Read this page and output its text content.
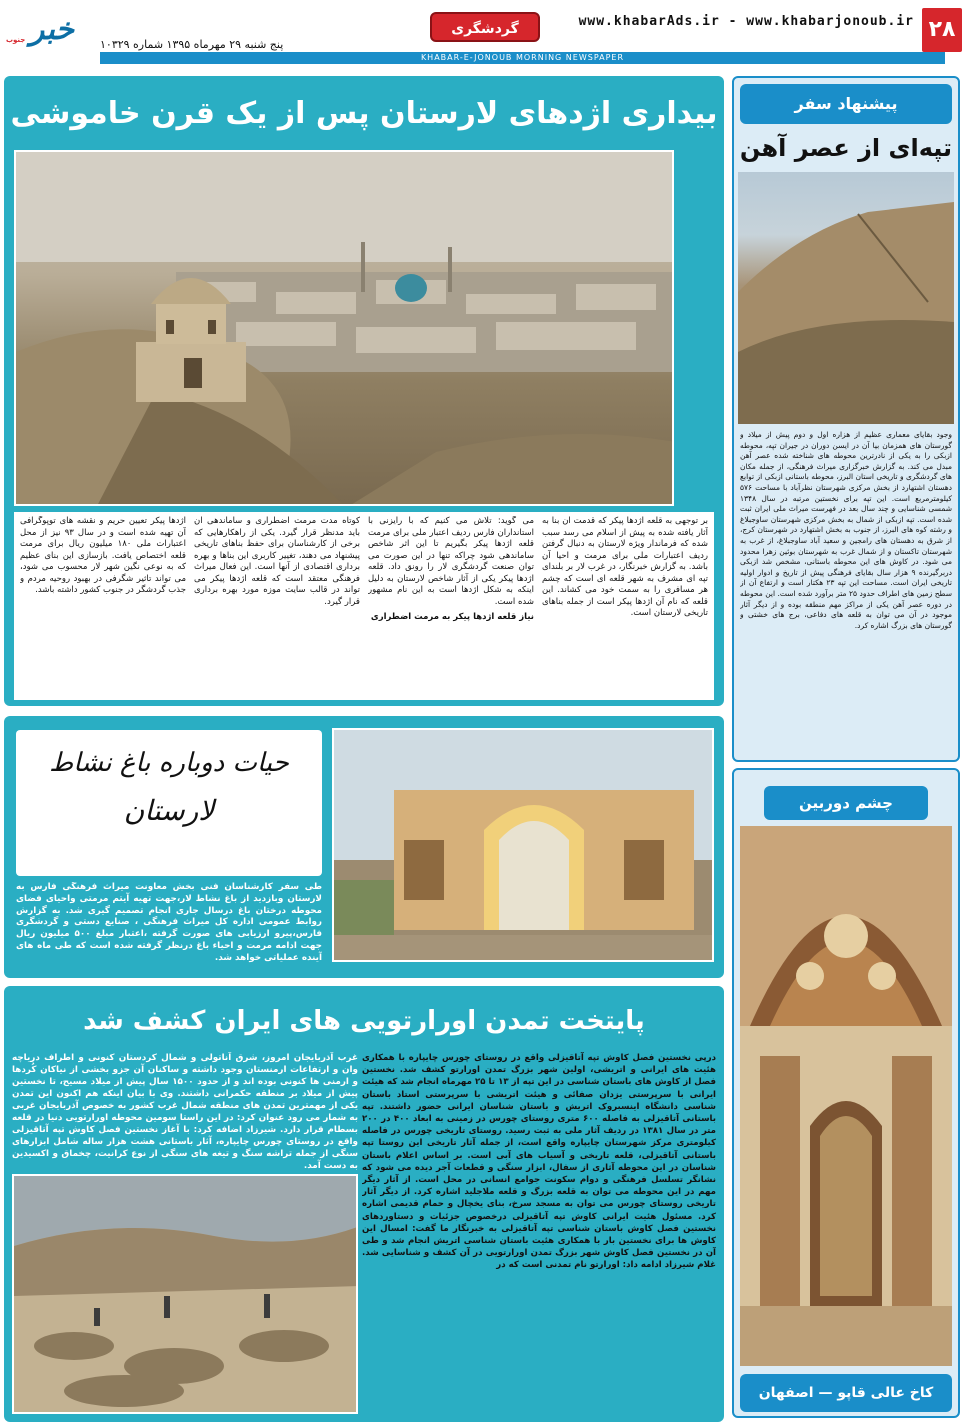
۲۸
www.khabarAds.ir - www.khabarjonoub.ir
پنج شنبه ۲۹ مهرماه ۱۳۹۵ شماره ۱۰۳۲۹
گردشگری
خبر
جنوب
KHABAR-E-JONOUB MORNING NEWSPAPER
بیداری اژدهای لارستان پس از یک قرن خاموشی
بر توجهی به قلعه اژدها پیکر که قدمت آن بنا به آثار یافته شده به پیش از اسلام می رسد سبب شده که فرماندار ویژه لارستان به دنبال گرفتن ردیف اعتبارات ملی برای مرمت و احیا آن باشد. به گزارش خبرنگار، در غرب لار بر بلندای تپه ای مشرف به شهر قلعه ای است که چشم هر مسافری را به سمت خود می کشاند. این قلعه که نام آن اژدها پیکر است از جمله بناهای تاریخی لارستان است.
می گوید: تلاش می کنیم که با رایزنی با استانداران فارس ردیف اعتبار ملی برای مرمت قلعه اژدها پیکر بگیریم تا این اثر شاخص ساماندهی شود چراکه تنها در این صورت می توان صنعت گردشگری لار را رونق داد. قلعه اژدها پیکر یکی از آثار شاخص لارستان به دلیل اینکه به شکل اژدها است به این نام مشهور شده است.
نیاز قلعه اژدها پیکر به مرمت اضطراری
کوتاه مدت مرمت اضطراری و ساماندهی آن باید مدنظر قرار گیرد. یکی از راهکارهایی که برخی از کارشناسان برای حفظ بناهای تاریخی پیشنهاد می دهند، تغییر کاربری این بناها و بهره برداری اقتصادی از آنها است. این فعال میراث فرهنگی معتقد است که قلعه اژدها پیکر می تواند در قالب سایت موزه مورد بهره برداری قرار گیرد.
اژدها پیکر تعیین حریم و نقشه های توپوگرافی آن تهیه شده است و در سال ۹۳ نیز از محل اعتبارات ملی ۱۸۰ میلیون ریال برای مرمت قلعه اختصاص یافت. بازسازی این بنای عظیم که به نوعی نگین شهر لار محسوب می شود، می تواند تاثیر شگرفی در بهبود روحیه مردم و جذب گردشگر در جنوب کشور داشته باشد.
پیشنهاد سفر
تپه‌ای از عصر آهن
وجود بقایای معماری عظیم از هزاره اول و دوم پیش از میلاد و گورستان های همزمان بیا آن در ایسن دوران در جیران تپه، محوطه ازبکی را به یکی از نادرترین محوطه های شناخته شده عصر آهن مبدل می کند. به گزارش خبرگزاری میراث فرهنگی، از جمله مکان های گردشگری و تاریخی استان البرز، محوطه باستانی ازبکی از توابع دهستان اشتهارد از بخش مرکزی شهرستان نظرآباد با مساحت ۵۷۶ کیلومترمربع است. این تپه برای نخستین مرتبه در سال ۱۳۴۸ شمسی شناسایی و چند سال بعد در فهرست میراث ملی ایران ثبت شده است. تپه ازبکی از شمال به بخش مرکزی شهرستان ساوجبلاغ و رشته کوه های البرز، از جنوب به بخش اشتهارد در شهرستان کرج، از شرق به دهستان های رامجین و سعید آباد ساوجبلاغ، از غرب به شهرستان تاکستان و از شمال غرب به شهرستان بوئین زهرا محدود می شود. در کاوش های این محوطه باستانی، مشخص شد ازبکی دربرگیرنده ۹ هزار سال بقایای فرهنگی پیش از تاریخ و ادوار اولیه تاریخی ایران است. مساحت این تپه ۲۳ هکتار است و ارتفاع آن از سطح زمین های اطراف حدود ۲۵ متر برآورد شده است. این محوطه در دوره عصر آهن یکی از مراکز مهم منطقه بوده و از دیگر آثار موجود در آن می توان به قلعه های دفاعی، برج های خشتی و گورستان های بزرگ اشاره کرد.
چشم دوربین
کاخ عالی قاپو — اصفهان
حیات دوباره باغ نشاط
لارستان
طی سفر کارشناسان فنی بخش معاونت میراث فرهنگی فارس به لارستان وبازدید از باغ نشاط لار،جهت تهیه آیتم مرمتی واحیای فضای محوطه درختان باغ درسال جاری انجام تصمیم گیری شد. به گزارش روابط عمومی اداره کل میراث فرهنگی ، صنایع دستی و گردشگری فارس،پیرو ارزیابی های صورت گرفته ،اعتبار مبلغ ۵۰۰ میلیون ریال جهت ادامه مرمت و احیاء باغ درنظر گرفته شده است که طی ماه های آینده عملیاتی خواهد شد.
پایتخت تمدن اورارتویی های ایران کشف شد
درپی نخستین فصل کاوش تپه آتاقیزلی واقع در روستای چورس چایپاره با همکاری هئیت های ایرانی و اتریشی، اولین شهر بزرگ تمدن اورارتو کشف شد. نخستین فصل از کاوش های باستان شناسی در این تپه از ۱۳ تا ۲۵ مهرماه انجام شد که هیئت ایرانی با سرپرستی یزدان صفائی و هیئت اتریشی با سرپرستی استاد باستان شناسی دانشگاه اینسبروک اتریش و باستان شناسان ایرانی حضور داشتند. تپه باستانی آتاقیزلی به فاصله ۶۰۰ متری روستای چورس در زمینی به ابعاد ۴۰۰ در ۲۰۰ متر در سال ۱۳۸۱ در ردیف آثار ملی به ثبت رسید. روستای تاریخی چورس در فاصله کیلومتری مرکز شهرستان چایپاره واقع است، از جمله آثار تاریخی این روستا تپه باستانی آتاقیزلی، قلعه تاریخی و آسیاب های آبی است. بر اساس اعلام باستان شناسان در این محوطه آثاری از سفال، ابزار سنگی و قطعات آجر دیده می شود که نشانگر تسلسل فرهنگی و دوام سکونت جوامع انسانی در محل است. از آثار دیگر مهم در این محوطه می توان به قلعه بزرگ و قلعه ملاجلید اشاره کرد. از دیگر آثار تاریخی روستای چورس می توان به مسجد سرخ، بنای یخچال و حمام قدیمی اشاره کرد. مسئول هئیت ایرانی کاوش تپه آتاقیزلی درخصوص جزئیات و دستاوردهای نخستین فصل کاوش باستان شناسی تپه آتاقیزلی به خبرنگار ما گفت: امسال این کاوش ها برای نخستین بار با همکاری هئیت باستان شناسی اتریش انجام شد و طی آن در نخستین فصل کاوش شهر بزرگ تمدن اورارتویی در آن کشف و شناسایی شد. غلام شیرزاد ادامه داد: اورارتو نام تمدنی است که در
غرب آذربایجان امروز، شرق آناتولی و شمال کردستان کنونی و اطراف دریاچه وان و ارتفاعات ارمنستان وجود داشته و ساکنان آن جزو بخشی از نیاکان کُردها و ارمنی ها کنونی بوده اند و از حدود ۱۵۰۰ سال پیش از میلاد مسیح، تا نخستین پیش از میلاد بر منطقه حکمرانی داشتند. وی با بیان اینکه هم اکنون این تمدن یکی از مهمترین تمدن های منطقه شمال غرب کشور به خصوص آذربایجان غربی به شمار می رود عنوان کرد: در این راستا سومین محوطه اورارتویی دنیا در قلعه بسطام قرار دارد. شیرزاد اضافه کرد: با آغاز نخستین فصل کاوش تپه آتاقیزلی واقع در روستای چورس چایپاره، آثار باستانی هشت هزار ساله شامل ابزارهای سنگی از جمله تراشه سنگ و تیغه های سنگی از نوع کرانیت، چخماق و اکسیدین به دست آمد.
